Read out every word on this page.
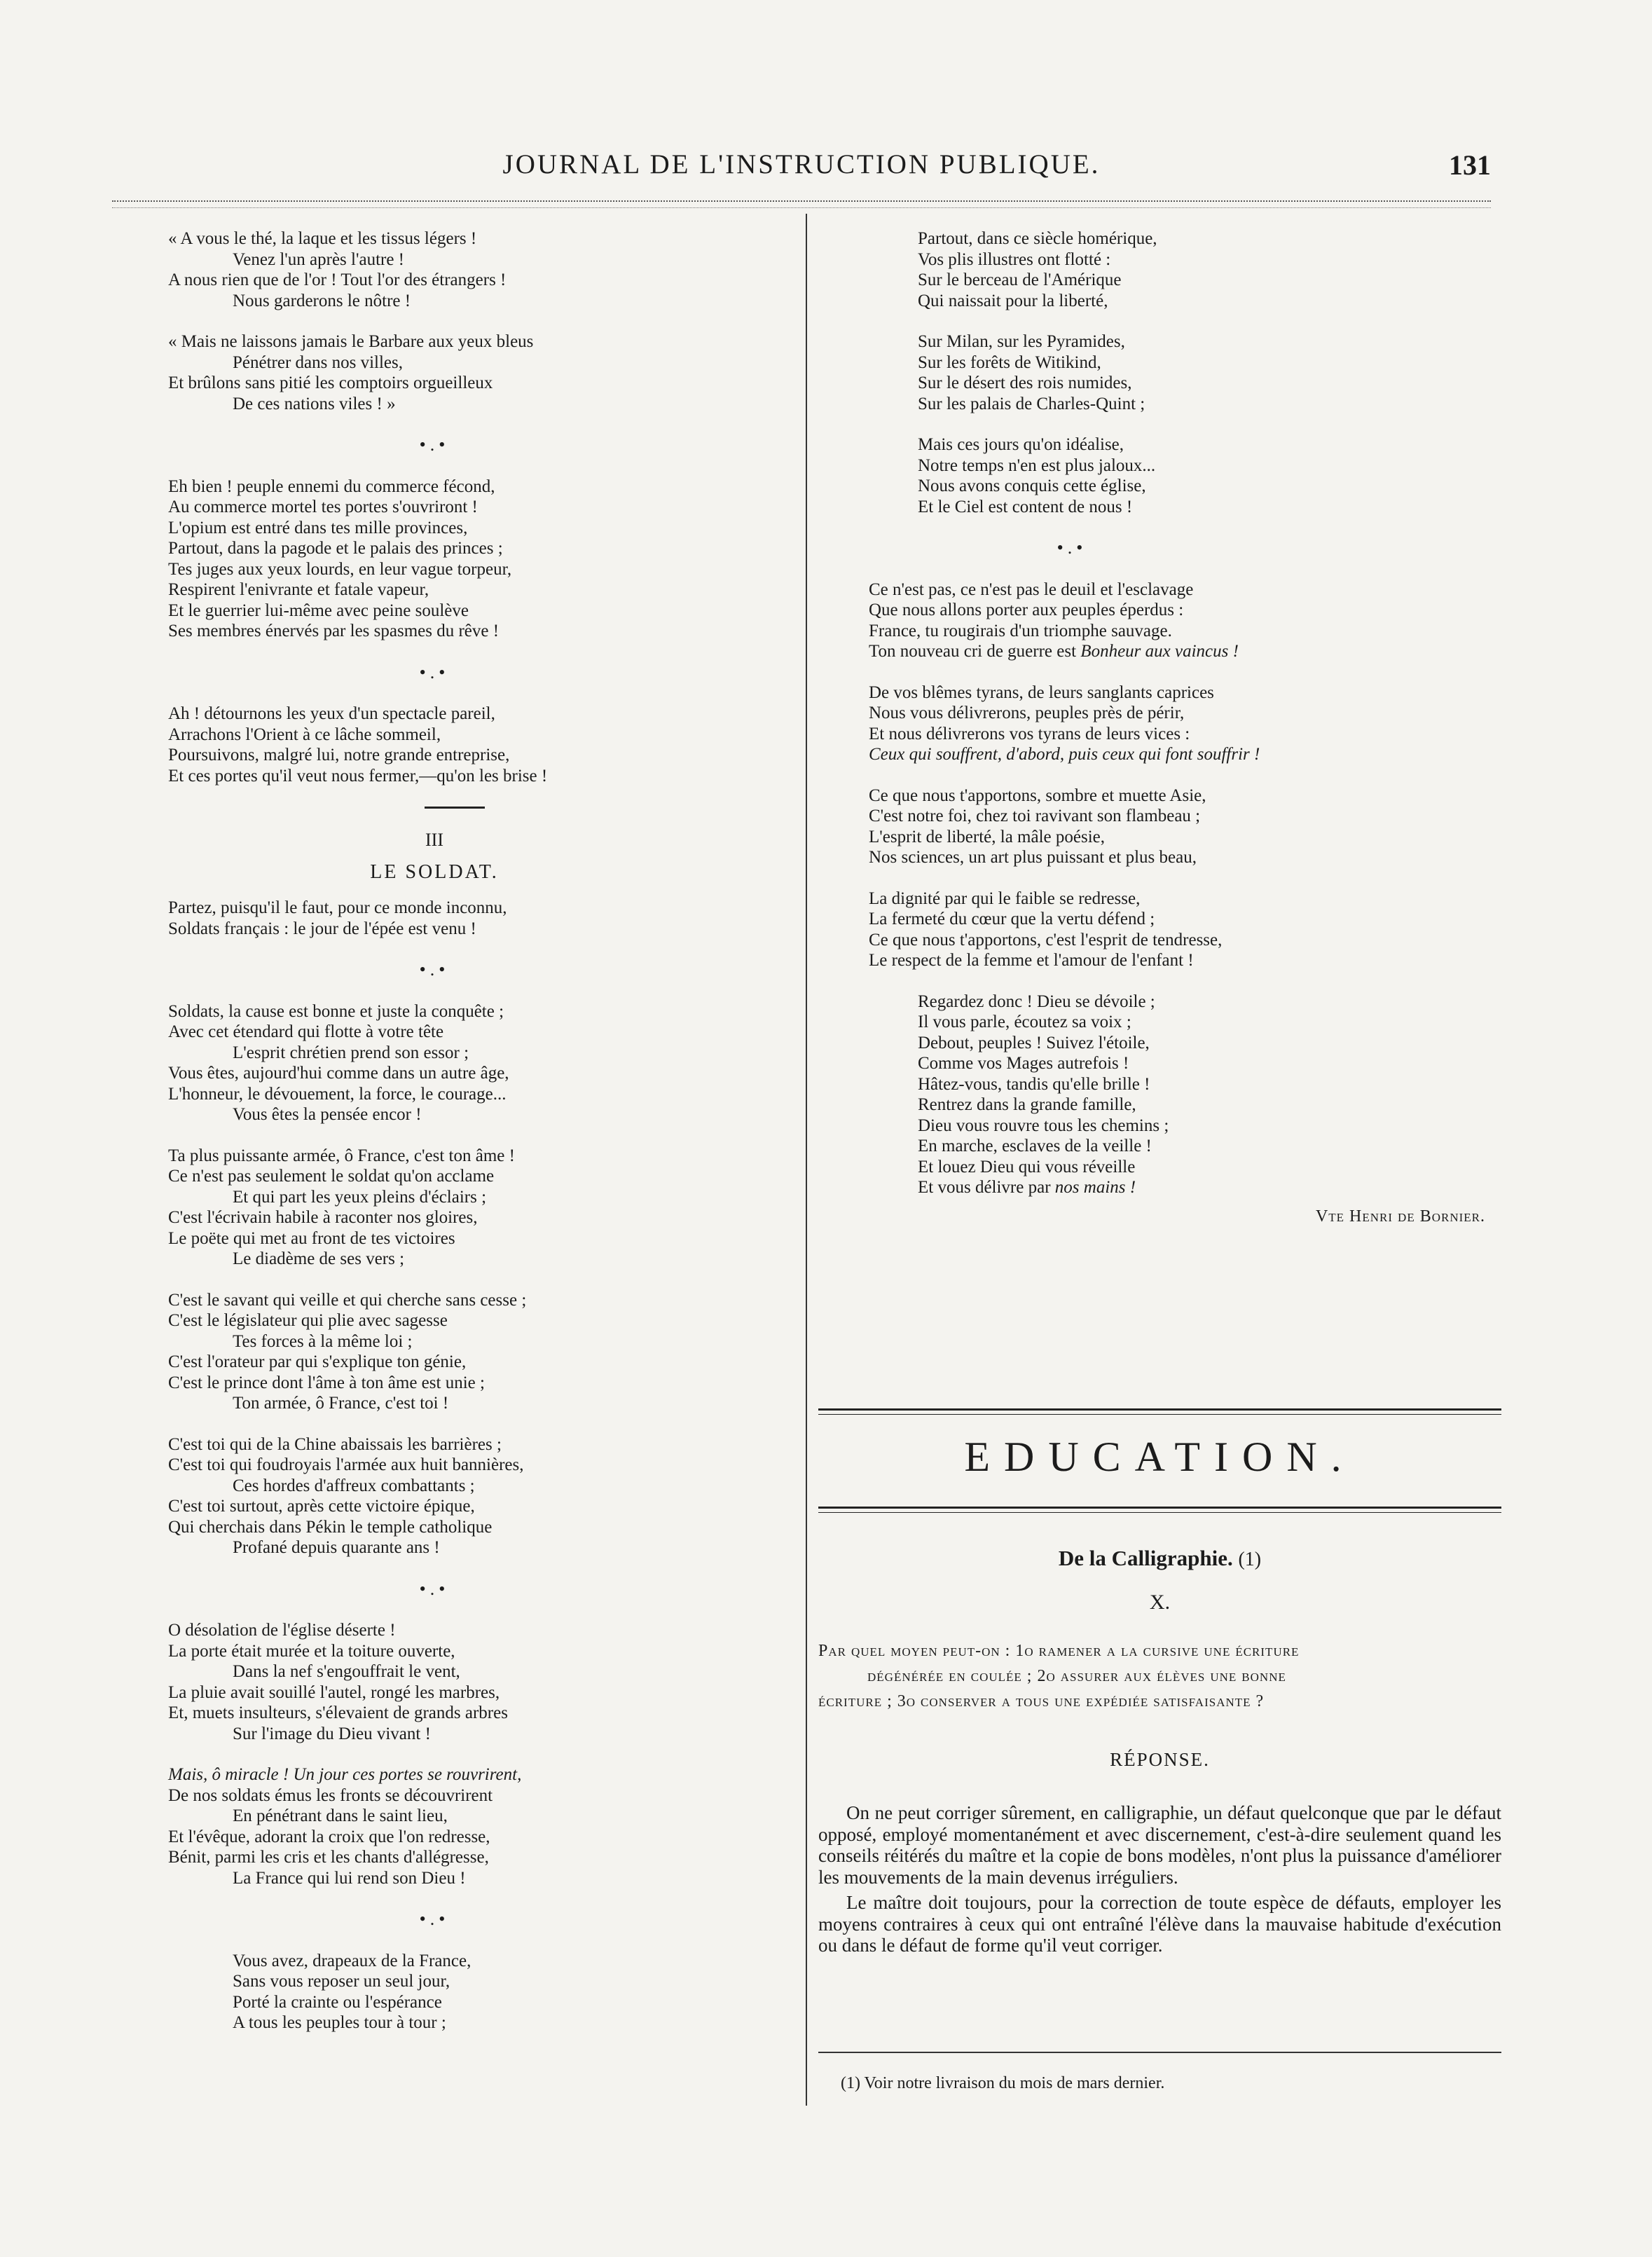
JOURNAL DE L'INSTRUCTION PUBLIQUE.	131
« A vous le thé, la laque et les tissus légers !
Venez l'un après l'autre !
A nous rien que de l'or ! Tout l'or des étrangers !
Nous garderons le nôtre !
« Mais ne laissons jamais le Barbare aux yeux bleus
Pénétrer dans nos villes,
Et brûlons sans pitié les comptoirs orgueilleux
De ces nations viles ! »
•.•
Eh bien ! peuple ennemi du commerce fécond,
Au commerce mortel tes portes s'ouvriront !
L'opium est entré dans tes mille provinces,
Partout, dans la pagode et le palais des princes ;
Tes juges aux yeux lourds, en leur vague torpeur,
Respirent l'enivrante et fatale vapeur,
Et le guerrier lui-même avec peine soulève
Ses membres énervés par les spasmes du rêve !
•.•
Ah ! détournons les yeux d'un spectacle pareil,
Arrachons l'Orient à ce lâche sommeil,
Poursuivons, malgré lui, notre grande entreprise,
Et ces portes qu'il veut nous fermer,—qu'on les brise !
III
LE SOLDAT.
Partez, puisqu'il le faut, pour ce monde inconnu,
Soldats français : le jour de l'épée est venu !
•.•
Soldats, la cause est bonne et juste la conquête ;
Avec cet étendard qui flotte à votre tête
L'esprit chrétien prend son essor ;
Vous êtes, aujourd'hui comme dans un autre âge,
L'honneur, le dévouement, la force, le courage...
Vous êtes la pensée encor !
Ta plus puissante armée, ô France, c'est ton âme !
Ce n'est pas seulement le soldat qu'on acclame
Et qui part les yeux pleins d'éclairs ;
C'est l'écrivain habile à raconter nos gloires,
Le poëte qui met au front de tes victoires
Le diadème de ses vers ;
C'est le savant qui veille et qui cherche sans cesse ;
C'est le législateur qui plie avec sagesse
Tes forces à la même loi ;
C'est l'orateur par qui s'explique ton génie,
C'est le prince dont l'âme à ton âme est unie ;
Ton armée, ô France, c'est toi !
C'est toi qui de la Chine abaissais les barrières ;
C'est toi qui foudroyais l'armée aux huit bannières,
Ces hordes d'affreux combattants ;
C'est toi surtout, après cette victoire épique,
Qui cherchais dans Pékin le temple catholique
Profané depuis quarante ans !
•.•
O désolation de l'église déserte !
La porte était murée et la toiture ouverte,
Dans la nef s'engouffrait le vent,
La pluie avait souillé l'autel, rongé les marbres,
Et, muets insulteurs, s'élevaient de grands arbres
Sur l'image du Dieu vivant !
Mais, ô miracle ! Un jour ces portes se rouvrirent,
De nos soldats émus les fronts se découvrirent
En pénétrant dans le saint lieu,
Et l'évêque, adorant la croix que l'on redresse,
Bénit, parmi les cris et les chants d'allégresse,
La France qui lui rend son Dieu !
•.•
Vous avez, drapeaux de la France,
Sans vous reposer un seul jour,
Porté la crainte ou l'espérance
A tous les peuples tour à tour ;
Partout, dans ce siècle homérique,
Vos plis illustres ont flotté :
Sur le berceau de l'Amérique
Qui naissait pour la liberté,
Sur Milan, sur les Pyramides,
Sur les forêts de Witikind,
Sur le désert des rois numides,
Sur les palais de Charles-Quint ;
Mais ces jours qu'on idéalise,
Notre temps n'en est plus jaloux...
Nous avons conquis cette église,
Et le Ciel est content de nous !
•.•
Ce n'est pas, ce n'est pas le deuil et l'esclavage
Que nous allons porter aux peuples éperdus :
France, tu rougirais d'un triomphe sauvage.
Ton nouveau cri de guerre est Bonheur aux vaincus !
De vos blêmes tyrans, de leurs sanglants caprices
Nous vous délivrerons, peuples près de périr,
Et nous délivrerons vos tyrans de leurs vices :
Ceux qui souffrent, d'abord, puis ceux qui font souffrir !
Ce que nous t'apportons, sombre et muette Asie,
C'est notre foi, chez toi ravivant son flambeau ;
L'esprit de liberté, la mâle poésie,
Nos sciences, un art plus puissant et plus beau,
La dignité par qui le faible se redresse,
La fermeté du cœur que la vertu défend ;
Ce que nous t'apportons, c'est l'esprit de tendresse,
Le respect de la femme et l'amour de l'enfant !
Regardez donc ! Dieu se dévoile ;
Il vous parle, écoutez sa voix ;
Debout, peuples ! Suivez l'étoile,
Comme vos Mages autrefois !
Hâtez-vous, tandis qu'elle brille !
Rentrez dans la grande famille,
Dieu vous rouvre tous les chemins ;
En marche, esclaves de la veille !
Et louez Dieu qui vous réveille
Et vous délivre par nos mains !
Vte Henri de Bornier.
EDUCATION.
De la Calligraphie. (1)
X.
Par quel moyen peut-on : 1o ramener a la cursive une écriture
dégénérée en coulée ; 2o assurer aux élèves une bonne
écriture ; 3o conserver a tous une expédiée satisfaisante ?
RÉPONSE.

On ne peut corriger sûrement, en calligraphie, un défaut quelconque que par le défaut opposé, employé momentanément et avec discernement, c'est-à-dire seulement quand les conseils réitérés du maître et la copie de bons modèles, n'ont plus la puissance d'améliorer les mouvements de la main devenus irréguliers.

Le maître doit toujours, pour la correction de toute espèce de défauts, employer les moyens contraires à ceux qui ont entraîné l'élève dans la mauvaise habitude d'exécution ou dans le défaut de forme qu'il veut corriger.

(1) Voir notre livraison du mois de mars dernier.
